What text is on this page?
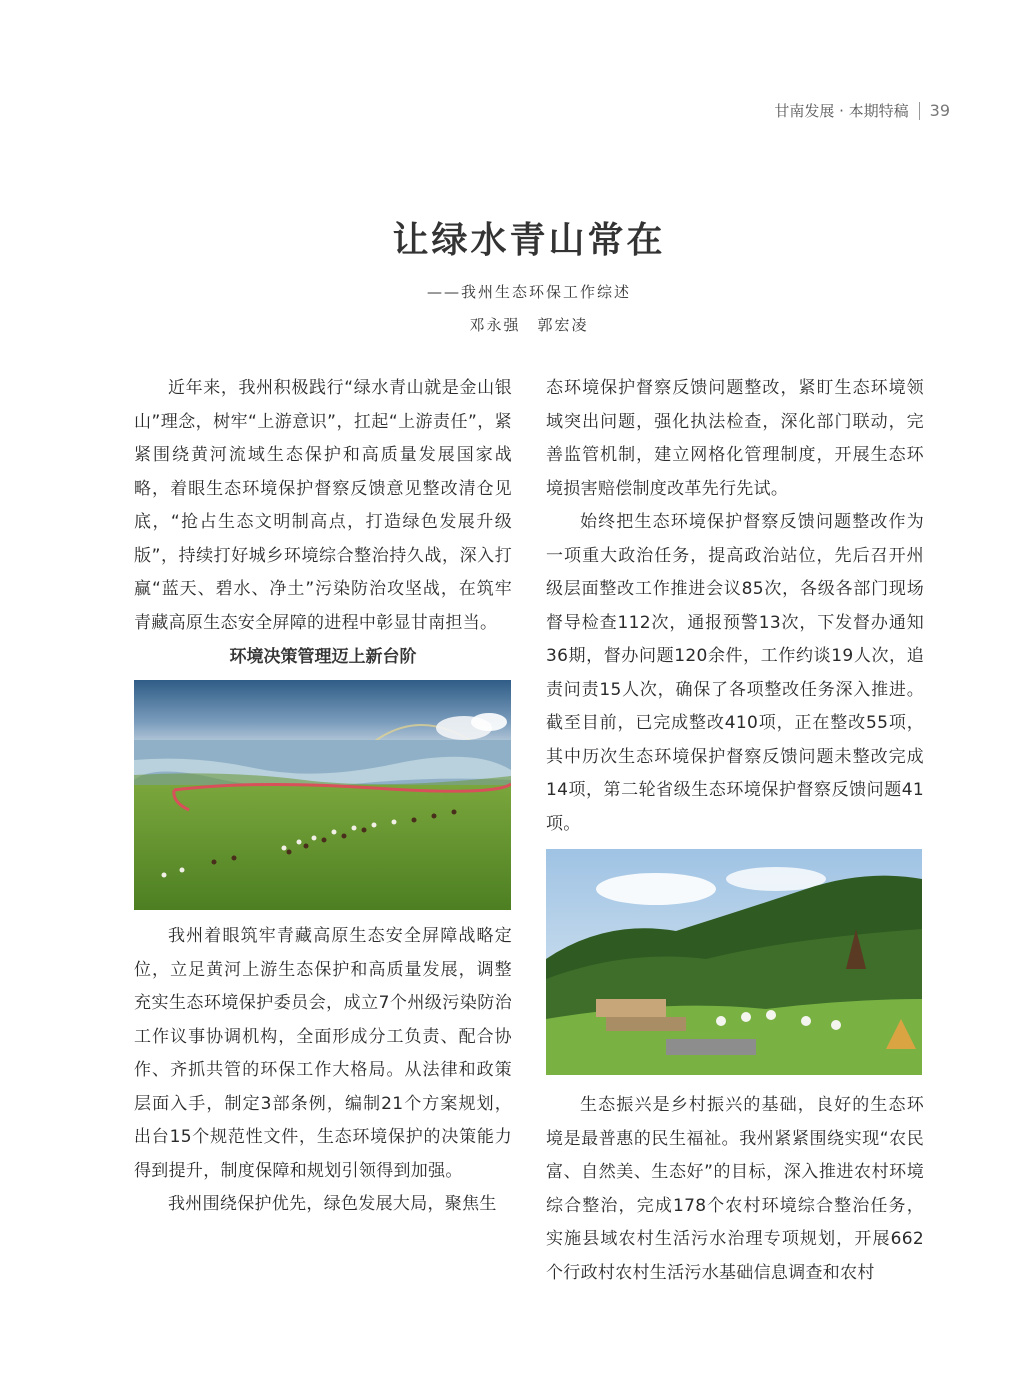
甘南发展 · 本期特稿 39
让绿水青山常在
——我州生态环保工作综述
邓永强　郭宏凌

近年来，我州积极践行“绿水青山就是金山银山”理念，树牢“上游意识”，扛起“上游责任”，紧紧围绕黄河流域生态保护和高质量发展国家战略，着眼生态环境保护督察反馈意见整改清仓见底，“抢占生态文明制高点，打造绿色发展升级版”，持续打好城乡环境综合整治持久战，深入打赢“蓝天、碧水、净土”污染防治攻坚战，在筑牢青藏高原生态安全屏障的进程中彰显甘南担当。

环境决策管理迈上新台阶

我州着眼筑牢青藏高原生态安全屏障战略定位，立足黄河上游生态保护和高质量发展，调整充实生态环境保护委员会，成立7个州级污染防治工作议事协调机构，全面形成分工负责、配合协作、齐抓共管的环保工作大格局。从法律和政策层面入手，制定3部条例，编制21个方案规划，出台15个规范性文件，生态环境保护的决策能力得到提升，制度保障和规划引领得到加强。

我州围绕保护优先，绿色发展大局，聚焦生

态环境保护督察反馈问题整改，紧盯生态环境领域突出问题，强化执法检查，深化部门联动，完善监管机制，建立网格化管理制度，开展生态环境损害赔偿制度改革先行先试。

始终把生态环境保护督察反馈问题整改作为一项重大政治任务，提高政治站位，先后召开州级层面整改工作推进会议85次，各级各部门现场督导检查112次，通报预警13次，下发督办通知36期，督办问题120余件，工作约谈19人次，追责问责15人次，确保了各项整改任务深入推进。截至目前，已完成整改410项，正在整改55项，其中历次生态环境保护督察反馈问题未整改完成14项，第二轮省级生态环境保护督察反馈问题41项。

生态振兴是乡村振兴的基础，良好的生态环境是最普惠的民生福祉。我州紧紧围绕实现“农民富、自然美、生态好”的目标，深入推进农村环境综合整治，完成178个农村环境综合整治任务，实施县域农村生活污水治理专项规划，开展662个行政村农村生活污水基础信息调查和农村
